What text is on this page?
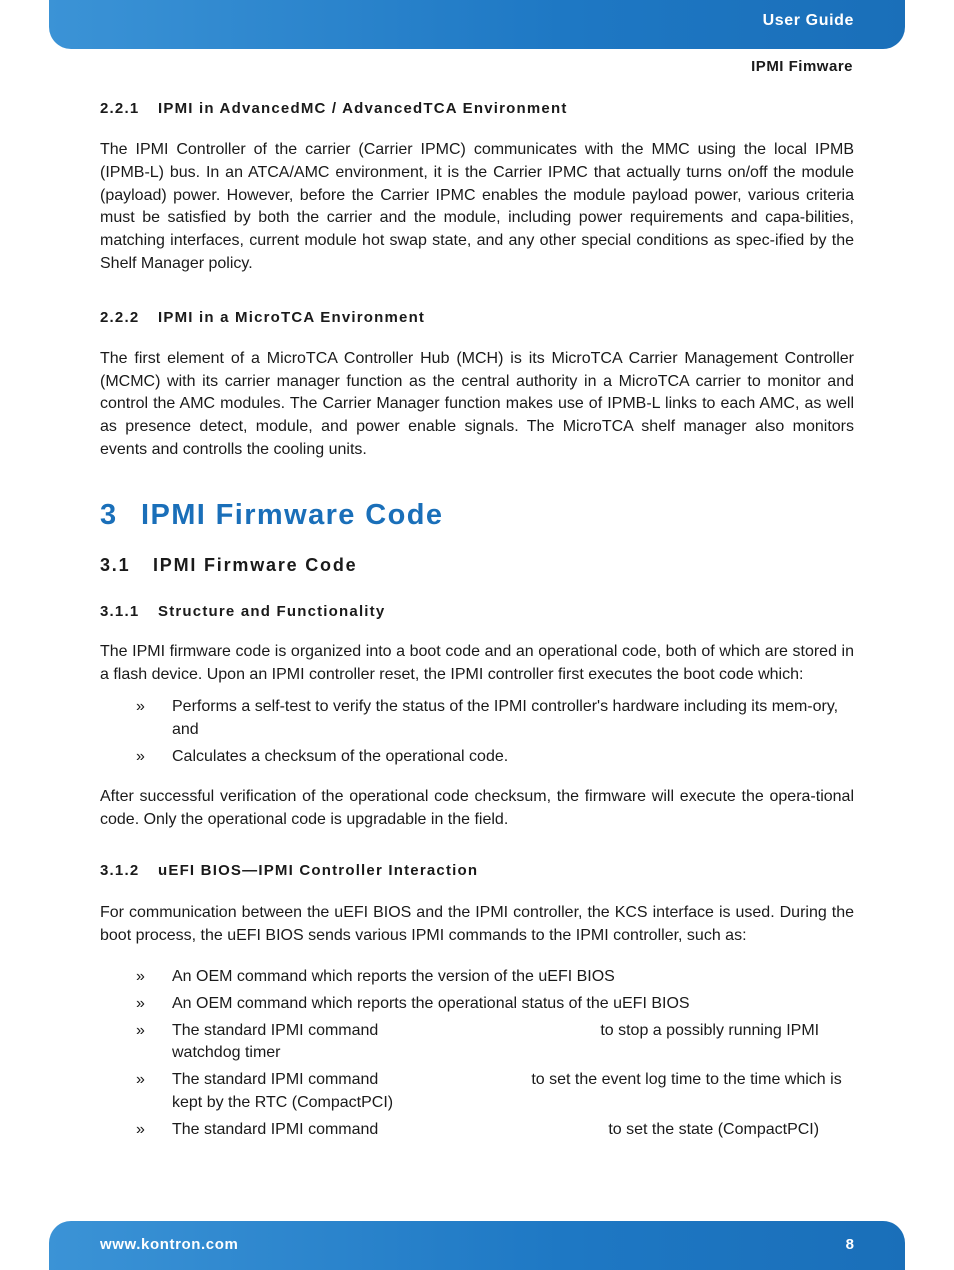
User Guide
IPMI Fimware
2.2.1 IPMI in AdvancedMC / AdvancedTCA Environment

The IPMI Controller of the carrier (Carrier IPMC) communicates with the MMC using the local IPMB (IPMB-L) bus. In an ATCA/AMC environment, it is the Carrier IPMC that actually turns on/off the module (payload) power. However, before the Carrier IPMC enables the module payload power, various criteria must be satisfied by both the carrier and the module, including power requirements and capa-bilities, matching interfaces, current module hot swap state, and any other special conditions as spec-ified by the Shelf Manager policy.

2.2.2 IPMI in a MicroTCA Environment

The first element of a MicroTCA Controller Hub (MCH) is its MicroTCA Carrier Management Controller (MCMC) with its carrier manager function as the central authority in a MicroTCA carrier to monitor and control the AMC modules. The Carrier Manager function makes use of IPMB-L links to each AMC, as well as presence detect, module, and power enable signals. The MicroTCA shelf manager also monitors events and controlls the cooling units.

3 IPMI Firmware Code
3.1 IPMI Firmware Code
3.1.1 Structure and Functionality

The IPMI firmware code is organized into a boot code and an operational code, both of which are stored in a flash device. Upon an IPMI controller reset, the IPMI controller first executes the boot code which:

» Performs a self-test to verify the status of the IPMI controller's hardware including its mem-ory, and
» Calculates a checksum of the operational code.

After successful verification of the operational code checksum, the firmware will execute the opera-tional code. Only the operational code is upgradable in the field.

3.1.2 uEFI BIOS—IPMI Controller Interaction

For communication between the uEFI BIOS and the IPMI controller, the KCS interface is used. During the boot process, the uEFI BIOS sends various IPMI commands to the IPMI controller, such as:

» An OEM command which reports the version of the uEFI BIOS
» An OEM command which reports the operational status of the uEFI BIOS
» The standard IPMI command	to stop a possibly running IPMI watchdog timer
» The standard IPMI command	to set the event log time to the time which is kept by the RTC (CompactPCI)
» The standard IPMI command	to set the state (CompactPCI)
www.kontron.com	8
